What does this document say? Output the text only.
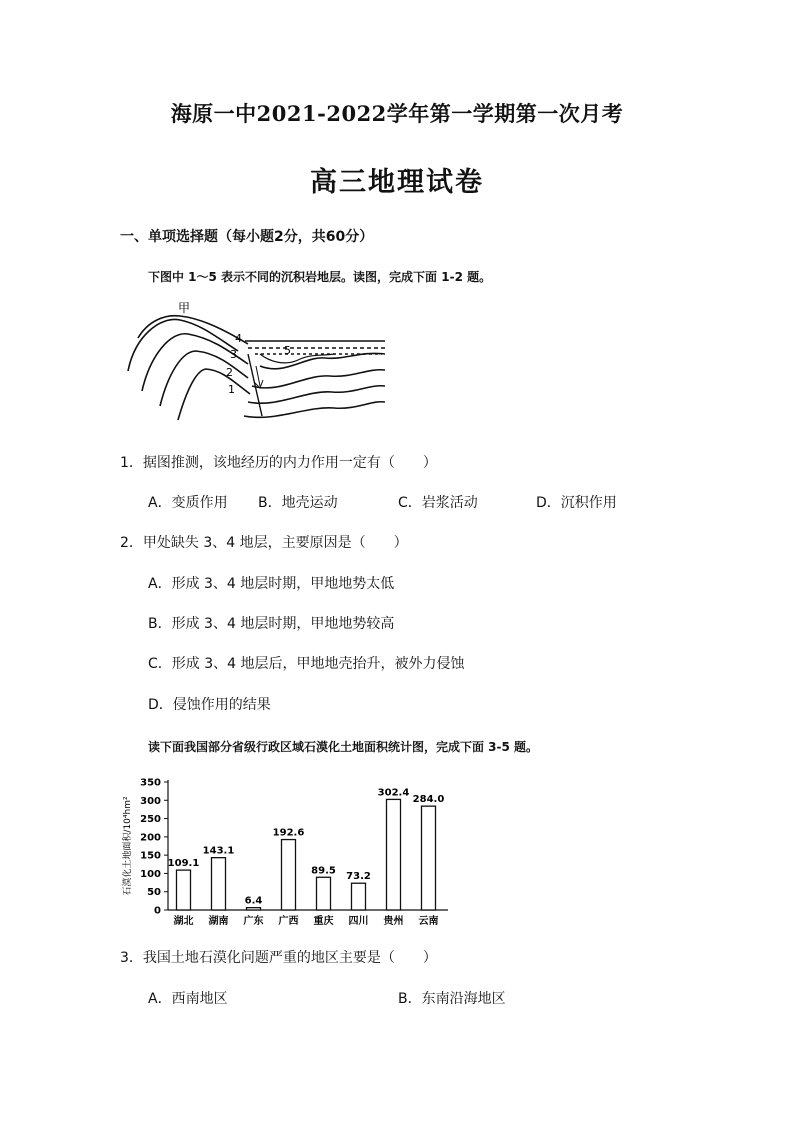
海原一中2021-2022学年第一学期第一次月考
高三地理试卷
一、单项选择题（每小题2分，共60分）
下图中 1～5 表示不同的沉积岩地层。读图，完成下面 1-2 题。
甲
1
2
3
4
5
1．据图推测，该地经历的内力作用一定有（　　）
A．变质作用 B．地壳运动	C．岩浆活动	D．沉积作用
2．甲处缺失 3、4 地层，主要原因是（　　）
A．形成 3、4 地层时期，甲地地势太低
B．形成 3、4 地层时期，甲地地势较高
C．形成 3、4 地层后，甲地地壳抬升，被外力侵蚀
D．侵蚀作用的结果
读下面我国部分省级行政区域石漠化土地面积统计图，完成下面 3-5 题。
石漠化土地面积/10⁴hm²
0
50
100
150
200
250
300
350
109.1
湖北
143.1
湖南
6.4
广东
192.6
广西
89.5
重庆
73.2
四川
302.4
贵州
284.0
云南
3．我国土地石漠化问题严重的地区主要是（　　）
A．西南地区	B．东南沿海地区
